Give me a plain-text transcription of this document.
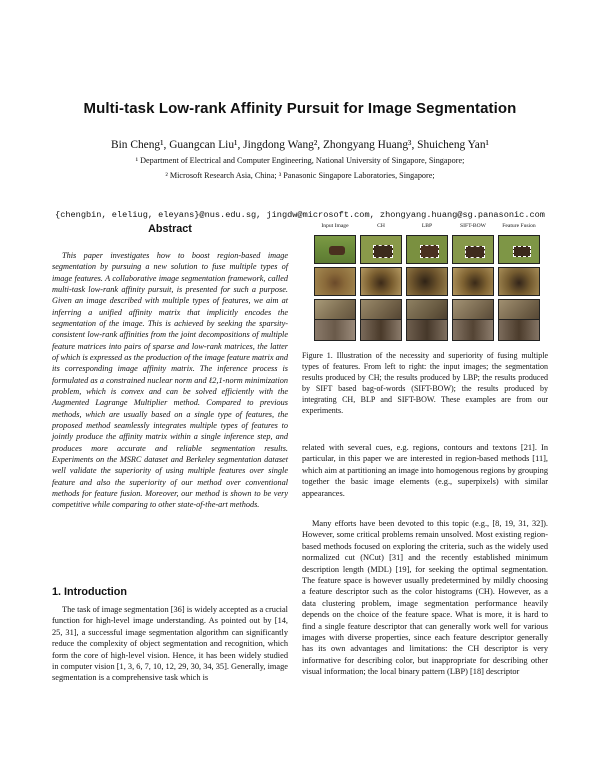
Multi-task Low-rank Affinity Pursuit for Image Segmentation
Bin Cheng¹, Guangcan Liu¹, Jingdong Wang², Zhongyang Huang³, Shuicheng Yan¹
¹ Department of Electrical and Computer Engineering, National University of Singapore, Singapore;
² Microsoft Research Asia, China; ³ Panasonic Singapore Laboratories, Singapore;
{chengbin, eleliug, eleyans}@nus.edu.sg, jingdw@microsoft.com, zhongyang.huang@sg.panasonic.com
Abstract
This paper investigates how to boost region-based image segmentation by pursuing a new solution to fuse multiple types of image features. A collaborative image segmentation framework, called multi-task low-rank affinity pursuit, is presented for such a purpose. Given an image described with multiple types of features, we aim at inferring a unified affinity matrix that implicitly encodes the segmentation of the image. This is achieved by seeking the sparsity-consistent low-rank affinities from the joint decompositions of multiple feature matrices into pairs of sparse and low-rank matrices, the latter of which is expressed as the production of the image feature matrix and its corresponding image affinity matrix. The inference process is formulated as a constrained nuclear norm and ℓ2,1-norm minimization problem, which is convex and can be solved efficiently with the Augmented Lagrange Multiplier method. Compared to previous methods, which are usually based on a single type of features, the proposed method seamlessly integrates multiple types of features to jointly produce the affinity matrix within a single inference step, and produces more accurate and reliable segmentation results. Experiments on the MSRC dataset and Berkeley segmentation dataset well validate the superiority of using multiple features over single feature and also the superiority of our method over conventional methods for feature fusion. Moreover, our method is shown to be very competitive while comparing to other state-of-the-art methods.
1. Introduction
The task of image segmentation [36] is widely accepted as a crucial function for high-level image understanding. As pointed out by [14, 25, 31], a successful image segmentation algorithm can significantly reduce the complexity of object segmentation and recognition, which form the core of high-level vision. Hence, it has been widely studied in computer vision [1, 3, 6, 7, 10, 12, 29, 30, 34, 35]. Generally, image segmentation is a comprehensive task which is
Input Image	CH	LBP	SIFT-BOW	Feature Fusion
Figure 1. Illustration of the necessity and superiority of fusing multiple types of features. From left to right: the input images; the segmentation results produced by CH; the results produced by LBP; the results produced by SIFT based bag-of-words (SIFT-BOW); the results produced by integrating CH, BLP and SIFT-BOW. These examples are from our experiments.
related with several cues, e.g. regions, contours and textons [21]. In particular, in this paper we are interested in region-based methods [11], which aim at partitioning an image into homogenous regions by grouping together the basic image elements (e.g., superpixels) with similar appearances.
Many efforts have been devoted to this topic (e.g., [8, 19, 31, 32]). However, some critical problems remain unsolved. Most existing region-based methods focused on exploring the criteria, such as the widely used normalized cut (NCut) [31] and the recently established minimum description length (MDL) [19], for seeking the optimal segmentation. The feature space is however usually predetermined by mildly choosing a feature descriptor such as the color histograms (CH). However, as a data clustering problem, image segmentation performance heavily depends on the choice of the feature space. What is more, it is hard to find a single feature descriptor that can generally work well for various images with diverse properties, since each feature descriptor generally has its own advantages and limitations: the CH descriptor is very informative for describing color, but inappropriate for describing other visual information; the local binary pattern (LBP) [18] descriptor
